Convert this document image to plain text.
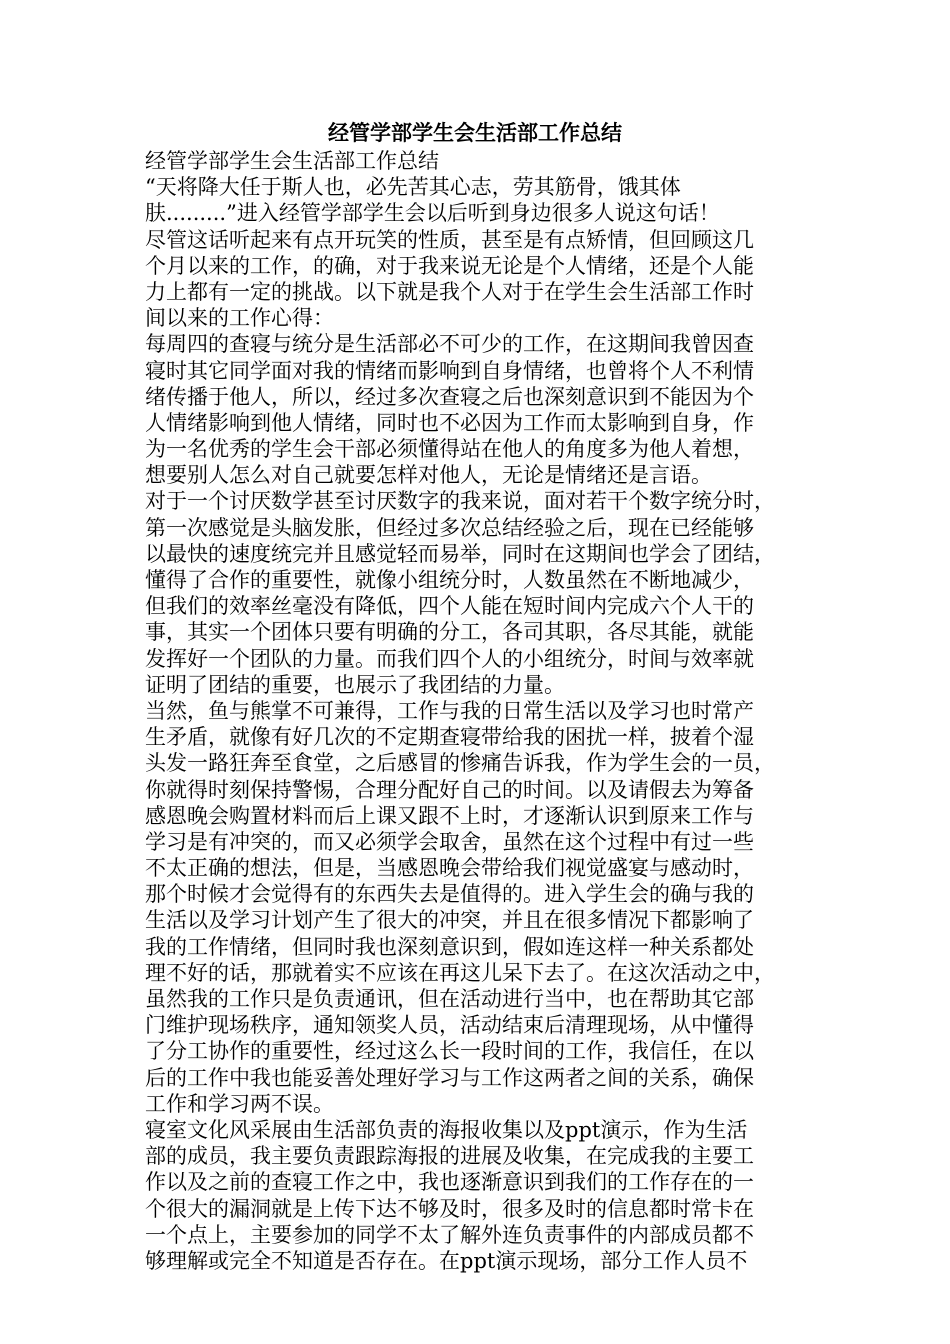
经管学部学生会生活部工作总结
经管学部学生会生活部工作总结
“天将降大任于斯人也，必先苦其心志，劳其筋骨，饿其体
肤.........”进入经管学部学生会以后听到身边很多人说这句话！
尽管这话听起来有点开玩笑的性质，甚至是有点矫情，但回顾这几
个月以来的工作，的确，对于我来说无论是个人情绪，还是个人能
力上都有一定的挑战。以下就是我个人对于在学生会生活部工作时
间以来的工作心得：
每周四的查寝与统分是生活部必不可少的工作，在这期间我曾因查
寝时其它同学面对我的情绪而影响到自身情绪，也曾将个人不利情
绪传播于他人，所以，经过多次查寝之后也深刻意识到不能因为个
人情绪影响到他人情绪，同时也不必因为工作而太影响到自身，作
为一名优秀的学生会干部必须懂得站在他人的角度多为他人着想，
想要别人怎么对自己就要怎样对他人，无论是情绪还是言语。
对于一个讨厌数学甚至讨厌数字的我来说，面对若干个数字统分时，
第一次感觉是头脑发胀，但经过多次总结经验之后，现在已经能够
以最快的速度统完并且感觉轻而易举，同时在这期间也学会了团结，
懂得了合作的重要性，就像小组统分时，人数虽然在不断地减少，
但我们的效率丝毫没有降低，四个人能在短时间内完成六个人干的
事，其实一个团体只要有明确的分工，各司其职，各尽其能，就能
发挥好一个团队的力量。而我们四个人的小组统分，时间与效率就
证明了团结的重要，也展示了我团结的力量。
当然，鱼与熊掌不可兼得，工作与我的日常生活以及学习也时常产
生矛盾，就像有好几次的不定期查寝带给我的困扰一样，披着个湿
头发一路狂奔至食堂，之后感冒的惨痛告诉我，作为学生会的一员，
你就得时刻保持警惕，合理分配好自己的时间。以及请假去为筹备
感恩晚会购置材料而后上课又跟不上时，才逐渐认识到原来工作与
学习是有冲突的，而又必须学会取舍，虽然在这个过程中有过一些
不太正确的想法，但是，当感恩晚会带给我们视觉盛宴与感动时，
那个时候才会觉得有的东西失去是值得的。进入学生会的确与我的
生活以及学习计划产生了很大的冲突，并且在很多情况下都影响了
我的工作情绪，但同时我也深刻意识到，假如连这样一种关系都处
理不好的话，那就着实不应该在再这儿呆下去了。在这次活动之中，
虽然我的工作只是负责通讯，但在活动进行当中，也在帮助其它部
门维护现场秩序，通知领奖人员，活动结束后清理现场，从中懂得
了分工协作的重要性，经过这么长一段时间的工作，我信任，在以
后的工作中我也能妥善处理好学习与工作这两者之间的关系，确保
工作和学习两不误。
寝室文化风采展由生活部负责的海报收集以及ppt演示，作为生活
部的成员，我主要负责跟踪海报的进展及收集，在完成我的主要工
作以及之前的查寝工作之中，我也逐渐意识到我们的工作存在的一
个很大的漏洞就是上传下达不够及时，很多及时的信息都时常卡在
一个点上，主要参加的同学不太了解外连负责事件的内部成员都不
够理解或完全不知道是否存在。在ppt演示现场，部分工作人员不
